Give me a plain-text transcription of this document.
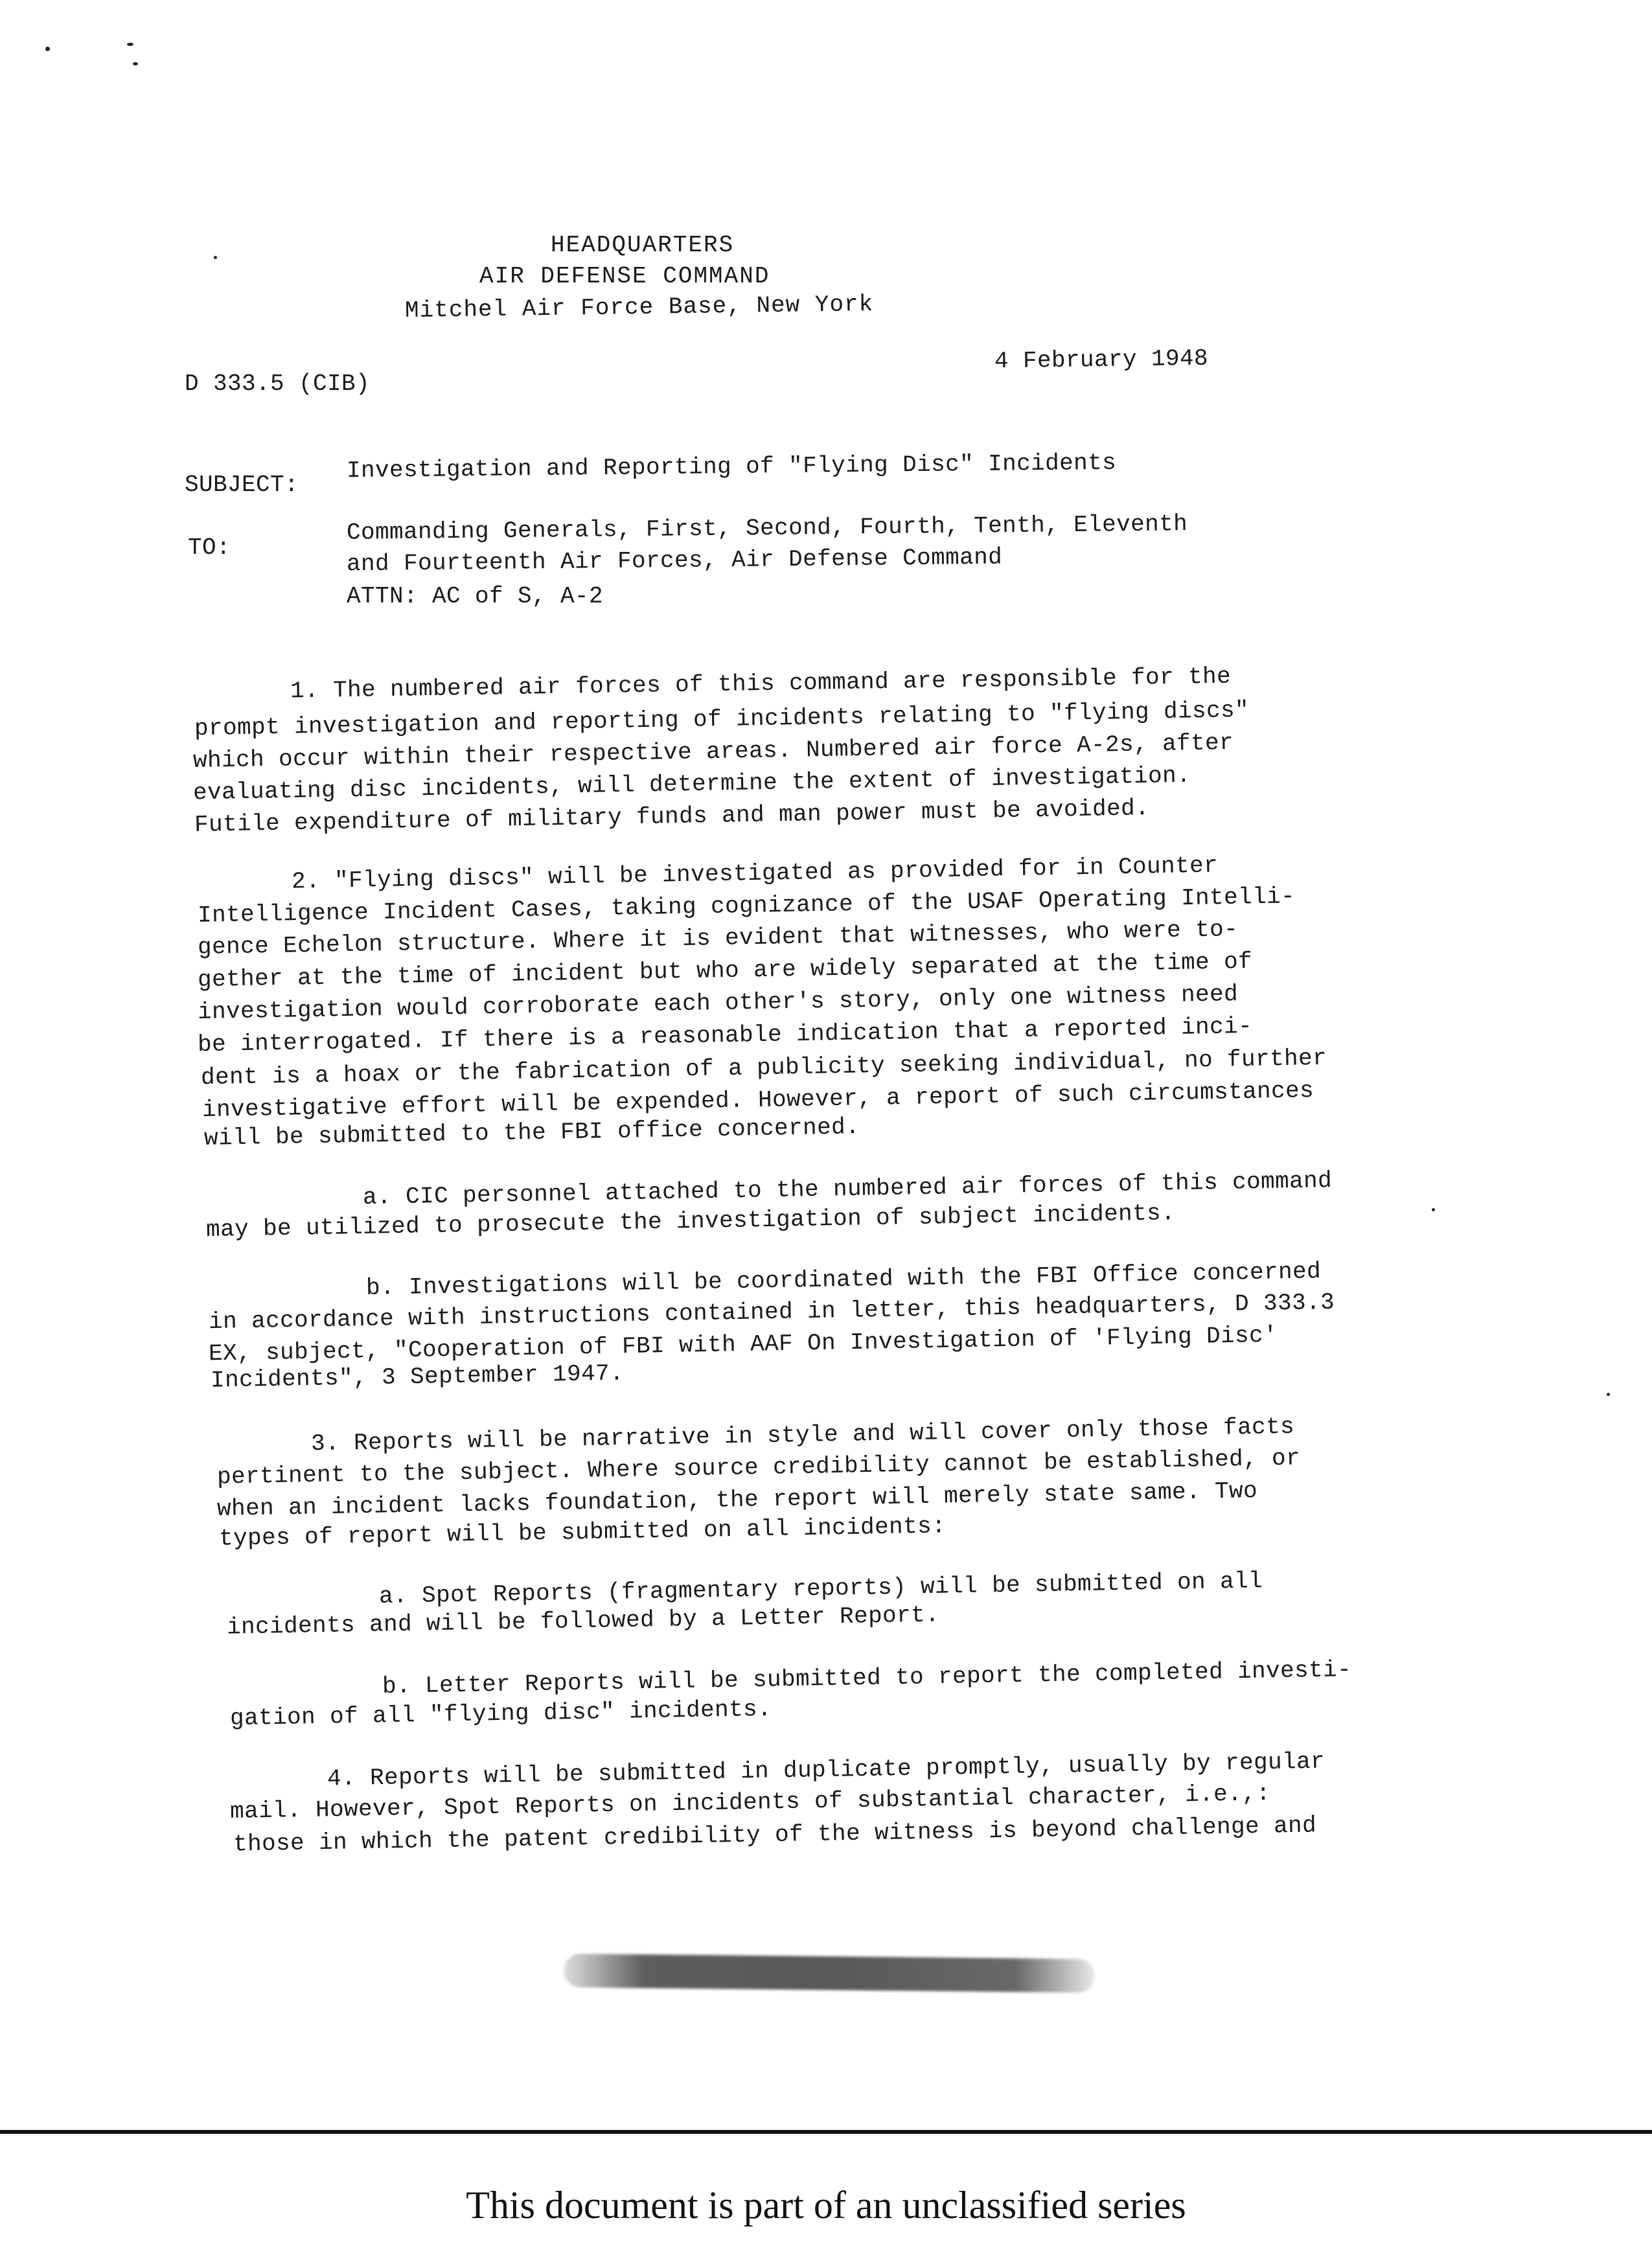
HEADQUARTERS
AIR DEFENSE COMMAND
Mitchel Air Force Base, New York
D 333.5 (CIB)
4 February 1948
SUBJECT:
Investigation and Reporting of "Flying Disc" Incidents
TO:
Commanding Generals, First, Second, Fourth, Tenth, Eleventh
and Fourteenth Air Forces, Air Defense Command
ATTN: AC of S, A-2
1. The numbered air forces of this command are responsible for the
prompt investigation and reporting of incidents relating to "flying discs"
which occur within their respective areas. Numbered air force A-2s, after
evaluating disc incidents, will determine the extent of investigation.
Futile expenditure of military funds and man power must be avoided.
2. "Flying discs" will be investigated as provided for in Counter
Intelligence Incident Cases, taking cognizance of the USAF Operating Intelli-
gence Echelon structure. Where it is evident that witnesses, who were to-
gether at the time of incident but who are widely separated at the time of
investigation would corroborate each other's story, only one witness need
be interrogated. If there is a reasonable indication that a reported inci-
dent is a hoax or the fabrication of a publicity seeking individual, no further
investigative effort will be expended. However, a report of such circumstances
will be submitted to the FBI office concerned.
a. CIC personnel attached to the numbered air forces of this command
may be utilized to prosecute the investigation of subject incidents.
b. Investigations will be coordinated with the FBI Office concerned
in accordance with instructions contained in letter, this headquarters, D 333.3
EX, subject, "Cooperation of FBI with AAF On Investigation of 'Flying Disc'
Incidents", 3 September 1947.
3. Reports will be narrative in style and will cover only those facts
pertinent to the subject. Where source credibility cannot be established, or
when an incident lacks foundation, the report will merely state same. Two
types of report will be submitted on all incidents:
a. Spot Reports (fragmentary reports) will be submitted on all
incidents and will be followed by a Letter Report.
b. Letter Reports will be submitted to report the completed investi-
gation of all "flying disc" incidents.
4. Reports will be submitted in duplicate promptly, usually by regular
mail. However, Spot Reports on incidents of substantial character, i.e.,:
those in which the patent credibility of the witness is beyond challenge and
This document is part of an unclassified series
